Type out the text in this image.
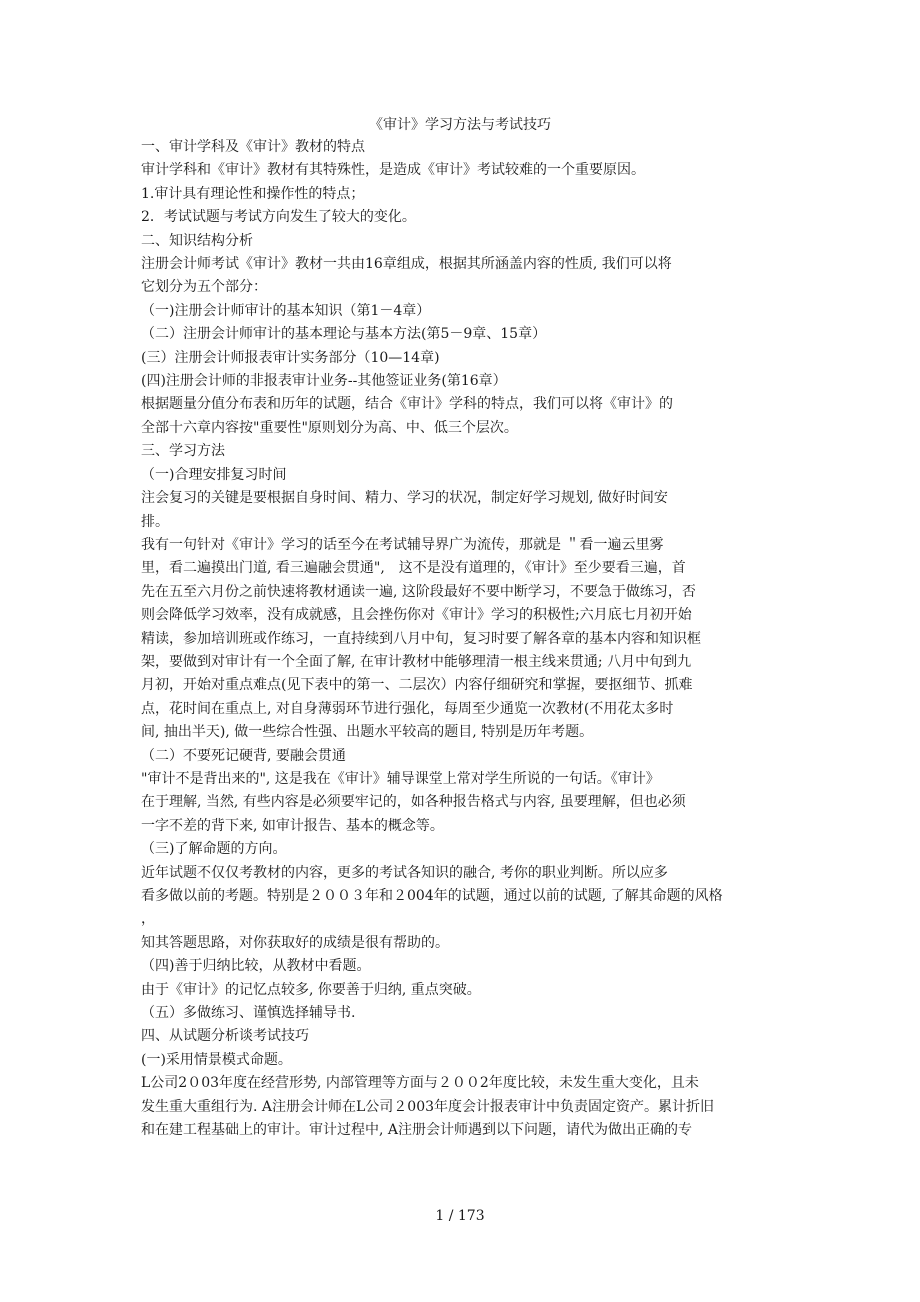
《审计》学习方法与考试技巧

一、审计学科及《审计》教材的特点

审计学科和《审计》教材有其特殊性，是造成《审计》考试较难的一个重要原因。

1.审计具有理论性和操作性的特点；

2．考试试题与考试方向发生了较大的变化。

二、知识结构分析

注册会计师考试《审计》教材一共由16章组成，根据其所涵盖内容的性质, 我们可以将

它划分为五个部分：

（一)注册会计师审计的基本知识（第1－4章）

（二）注册会计师审计的基本理论与基本方法(第5－9章、15章）

(三）注册会计师报表审计实务部分（10—14章)

(四)注册会计师的非报表审计业务--其他签证业务(第16章）

根据题量分值分布表和历年的试题，结合《审计》学科的特点，我们可以将《审计》的

全部十六章内容按"重要性"原则划分为高、中、低三个层次。

三、学习方法

（一)合理安排复习时间

注会复习的关键是要根据自身时间、精力、学习的状况，制定好学习规划, 做好时间安

排。

我有一句针对《审计》学习的话至今在考试辅导界广为流传，那就是 ＂看一遍云里雾

里，看二遍摸出门道, 看三遍融会贯通",　这不是没有道理的，《审计》至少要看三遍，首

先在五至六月份之前快速将教材通读一遍, 这阶段最好不要中断学习，不要急于做练习，否

则会降低学习效率，没有成就感，且会挫伤你对《审计》学习的积极性;六月底七月初开始

精读，参加培训班或作练习，一直持续到八月中旬，复习时要了解各章的基本内容和知识框

架，要做到对审计有一个全面了解, 在审计教材中能够理清一根主线来贯通; 八月中旬到九

月初，开始对重点难点(见下表中的第一、二层次）内容仔细研究和掌握，要抠细节、抓难

点，花时间在重点上, 对自身薄弱环节进行强化，每周至少通览一次教材(不用花太多时

间, 抽出半天), 做一些综合性强、出题水平较高的题目, 特别是历年考题。

（二）不要死记硬背, 要融会贯通

"审计不是背出来的", 这是我在《审计》辅导课堂上常对学生所说的一句话。《审计》

在于理解, 当然, 有些内容是必须要牢记的，如各种报告格式与内容, 虽要理解，但也必须

一字不差的背下来, 如审计报告、基本的概念等。

（三)了解命题的方向。

近年试题不仅仅考教材的内容，更多的考试各知识的融合, 考你的职业判断。所以应多

看多做以前的考题。特别是２００３年和２004年的试题，通过以前的试题, 了解其命题的风格

，

知其答题思路，对你获取好的成绩是很有帮助的。

（四)善于归纳比较，从教材中看题。

由于《审计》的记忆点较多, 你要善于归纳, 重点突破。

（五）多做练习、谨慎选择辅导书.

四、从试题分析谈考试技巧

(一)采用情景模式命题。

L公司2０03年度在经营形势, 内部管理等方面与２００2年度比较，未发生重大变化，且未

发生重大重组行为. A注册会计师在L公司２003年度会计报表审计中负责固定资产。累计折旧

和在建工程基础上的审计。审计过程中, A注册会计师遇到以下问题，请代为做出正确的专

1 / 173
